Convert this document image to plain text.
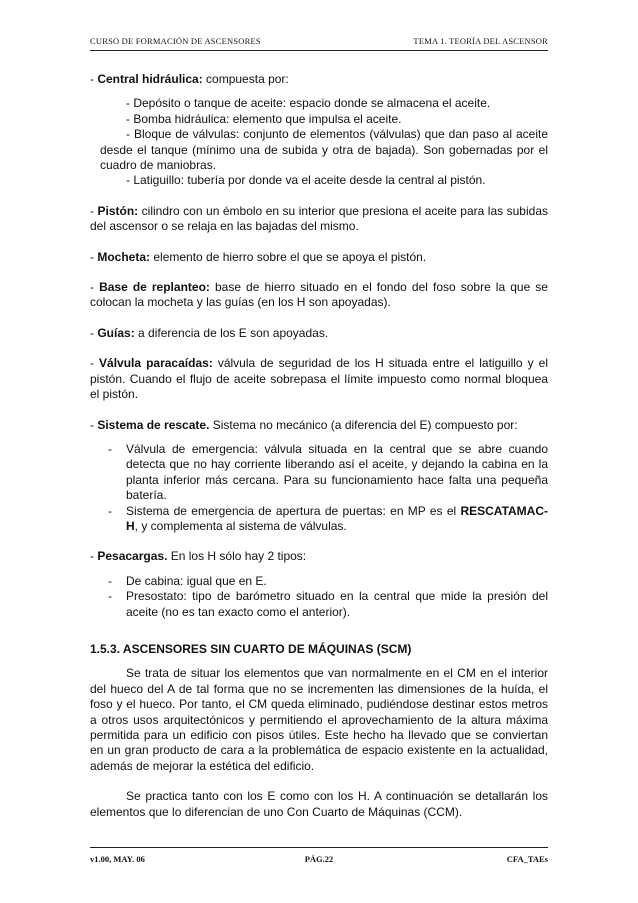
CURSO DE FORMACIÓN DE ASCENSORES	TEMA 1. TEORÍA DEL ASCENSOR

- Central hidráulica: compuesta por:

- Depósito o tanque de aceite: espacio donde se almacena el aceite.

- Bomba hidráulica: elemento que impulsa el aceite.

- Bloque de válvulas: conjunto de elementos (válvulas) que dan paso al aceite desde el tanque (mínimo una de subida y otra de bajada). Son gobernadas por el cuadro de maniobras.

- Latiguillo: tubería por donde va el aceite desde la central al pistón.

- Pistón: cilindro con un émbolo en su interior que presiona el aceite para las subidas del ascensor o se relaja en las bajadas del mismo.

- Mocheta: elemento de hierro sobre el que se apoya el pistón.

- Base de replanteo: base de hierro situado en el fondo del foso sobre la que se colocan la mocheta y las guías (en los H son apoyadas).

- Guías: a diferencia de los E son apoyadas.

- Válvula paracaídas: válvula de seguridad de los H situada entre el latiguillo y el pistón. Cuando el flujo de aceite sobrepasa el límite impuesto como normal bloquea el pistón.

- Sistema de rescate. Sistema no mecánico (a diferencia del E) compuesto por:

-	Válvula de emergencia: válvula situada en la central que se abre cuando detecta que no hay corriente liberando así el aceite, y dejando la cabina en la planta inferior más cercana. Para su funcionamiento hace falta una pequeña batería.
-	Sistema de emergencia de apertura de puertas: en MP es el RESCATAMAC-H, y complementa al sistema de válvulas.

- Pesacargas. En los H sólo hay 2 tipos:

-	De cabina: igual que en E.
-	Presostato: tipo de barómetro situado en la central que mide la presión del aceite (no es tan exacto como el anterior).

1.5.3. ASCENSORES SIN CUARTO DE MÁQUINAS (SCM)

Se trata de situar los elementos que van normalmente en el CM en el interior del hueco del A de tal forma que no se incrementen las dimensiones de la huída, el foso y el hueco. Por tanto, el CM queda eliminado, pudiéndose destinar estos metros a otros usos arquitectónicos y permitiendo el aprovechamiento de la altura máxima permitida para un edificio con pisos útiles. Este hecho ha llevado que se conviertan en un gran producto de cara a la problemática de espacio existente en la actualidad, además de mejorar la estética del edificio.

Se practica tanto con los E como con los H. A continuación se detallarán los elementos que lo diferencian de uno Con Cuarto de Máquinas (CCM).

v1.00, MAY. 06	PÁG.22	CFA_TAEs
